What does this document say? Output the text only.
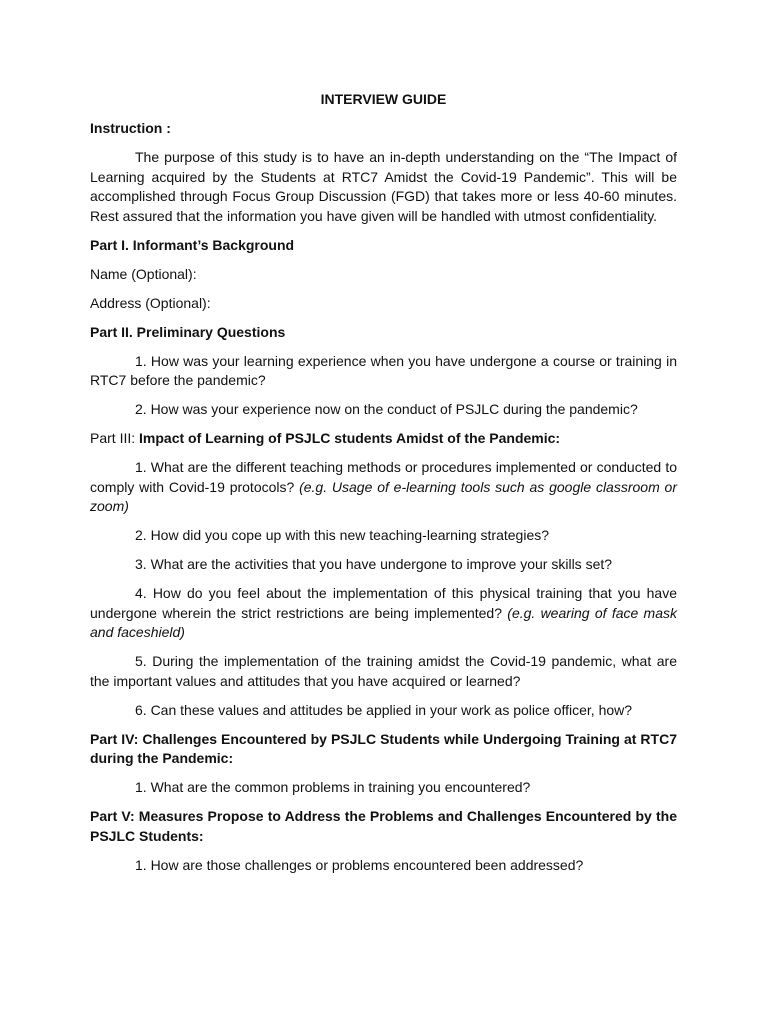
INTERVIEW GUIDE
Instruction :
The purpose of this study is to have an in-depth understanding on the “The Impact of Learning acquired by the Students at RTC7 Amidst the Covid-19 Pandemic”. This will be accomplished through Focus Group Discussion (FGD) that takes more or less 40-60 minutes. Rest assured that the information you have given will be handled with utmost confidentiality.
Part I. Informant’s Background
Name (Optional):
Address (Optional):
Part II. Preliminary Questions
1. How was your learning experience when you have undergone a course or training in RTC7 before the pandemic?
2. How was your experience now on the conduct of PSJLC during the pandemic?
Part III: Impact of Learning of PSJLC students Amidst of the Pandemic:
1. What are the different teaching methods or procedures implemented or conducted to comply with Covid-19 protocols? (e.g. Usage of e-learning tools such as google classroom or zoom)
2. How did you cope up with this new teaching-learning strategies?
3. What are the activities that you have undergone to improve your skills set?
4. How do you feel about the implementation of this physical training that you have undergone wherein the strict restrictions are being implemented? (e.g. wearing of face mask and faceshield)
5. During the implementation of the training amidst the Covid-19 pandemic, what are the important values and attitudes that you have acquired or learned?
6. Can these values and attitudes be applied in your work as police officer, how?
Part IV: Challenges Encountered by PSJLC Students while Undergoing Training at RTC7 during the Pandemic:
1. What are the common problems in training you encountered?
Part V: Measures Propose to Address the Problems and Challenges Encountered by the PSJLC Students:
1. How are those challenges or problems encountered been addressed?
